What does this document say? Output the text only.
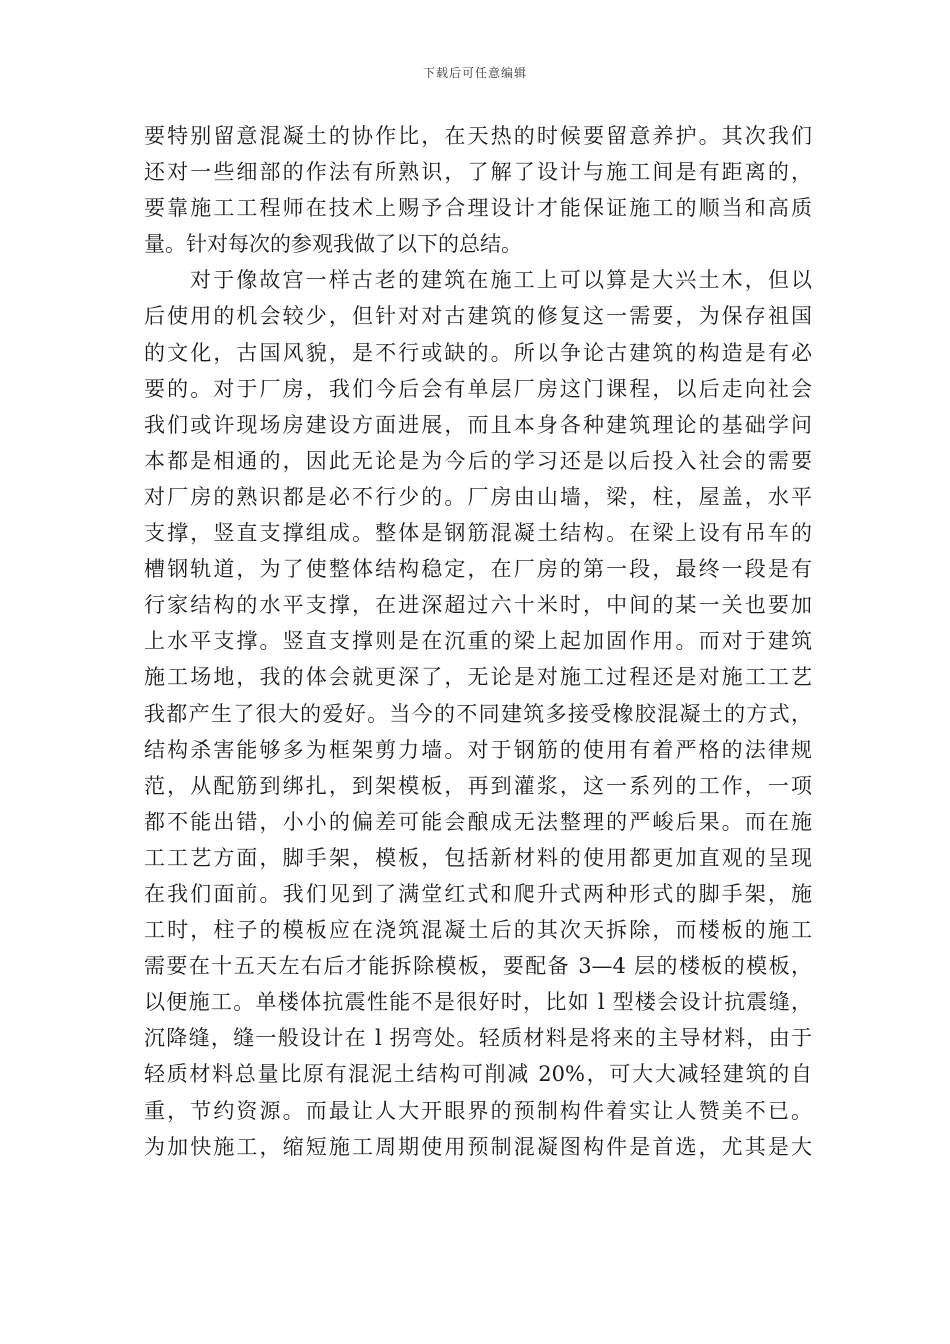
下载后可任意编辑
要特别留意混凝土的协作比，在天热的时候要留意养护。其次我们
还对一些细部的作法有所熟识，了解了设计与施工间是有距离的，
要靠施工工程师在技术上赐予合理设计才能保证施工的顺当和高质
量。针对每次的参观我做了以下的总结。
对于像故宫一样古老的建筑在施工上可以算是大兴土木，但以
后使用的机会较少，但针对对古建筑的修复这一需要，为保存祖国
的文化，古国风貌，是不行或缺的。所以争论古建筑的构造是有必
要的。对于厂房，我们今后会有单层厂房这门课程，以后走向社会
我们或许现场房建设方面进展，而且本身各种建筑理论的基础学问
本都是相通的，因此无论是为今后的学习还是以后投入社会的需要
对厂房的熟识都是必不行少的。厂房由山墙，梁，柱，屋盖，水平
支撑，竖直支撑组成。整体是钢筋混凝土结构。在梁上设有吊车的
槽钢轨道，为了使整体结构稳定，在厂房的第一段，最终一段是有
行家结构的水平支撑，在进深超过六十米时，中间的某一关也要加
上水平支撑。竖直支撑则是在沉重的梁上起加固作用。而对于建筑
施工场地，我的体会就更深了，无论是对施工过程还是对施工工艺
我都产生了很大的爱好。当今的不同建筑多接受橡胶混凝土的方式，
结构杀害能够多为框架剪力墙。对于钢筋的使用有着严格的法律规
范，从配筋到绑扎，到架模板，再到灌浆，这一系列的工作，一项
都不能出错，小小的偏差可能会酿成无法整理的严峻后果。而在施
工工艺方面，脚手架，模板，包括新材料的使用都更加直观的呈现
在我们面前。我们见到了满堂红式和爬升式两种形式的脚手架，施
工时，柱子的模板应在浇筑混凝土后的其次天拆除，而楼板的施工
需要在十五天左右后才能拆除模板，要配备 3—4 层的楼板的模板，
以便施工。单楼体抗震性能不是很好时，比如 l 型楼会设计抗震缝，
沉降缝，缝一般设计在 l 拐弯处。轻质材料是将来的主导材料，由于
轻质材料总量比原有混泥土结构可削减 20%，可大大减轻建筑的自
重，节约资源。而最让人大开眼界的预制构件着实让人赞美不已。
为加快施工，缩短施工周期使用预制混凝图构件是首选，尤其是大
